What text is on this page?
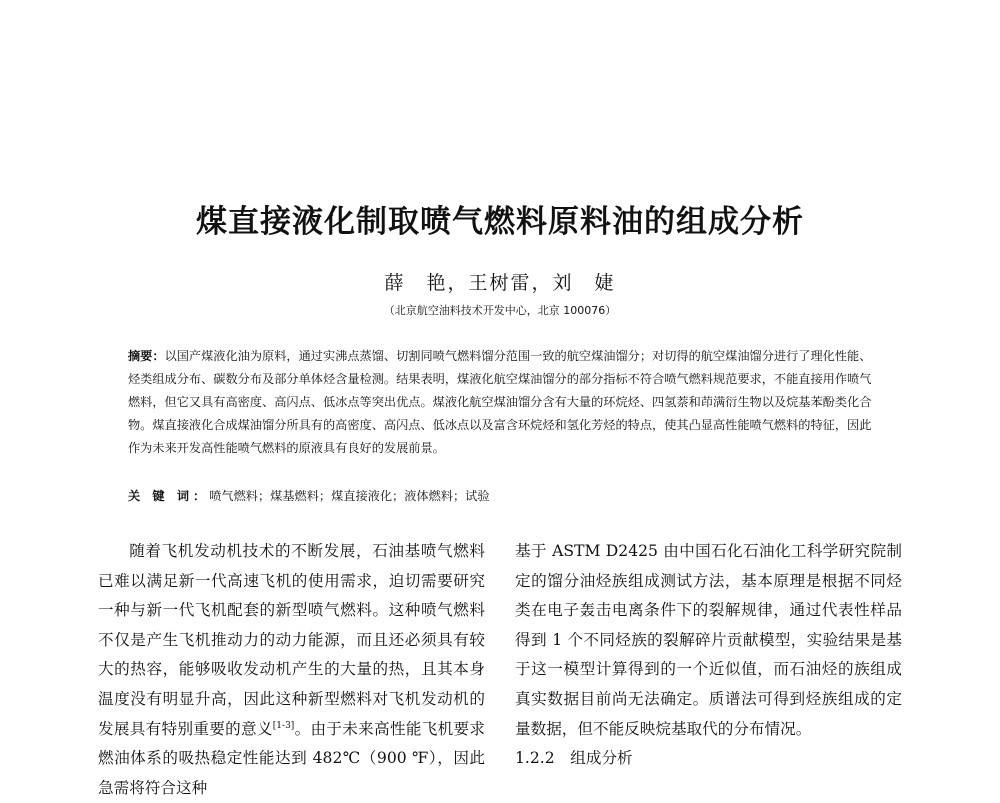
煤直接液化制取喷气燃料原料油的组成分析

薛　艳，王树雷，刘　婕

（北京航空油料技术开发中心，北京 100076）

摘要：以国产煤液化油为原料，通过实沸点蒸馏、切割同喷气燃料馏分范围一致的航空煤油馏分；对切得的航空煤油馏分进行了理化性能、烃类组成分布、碳数分布及部分单体烃含量检测。结果表明，煤液化航空煤油馏分的部分指标不符合喷气燃料规范要求，不能直接用作喷气燃料，但它又具有高密度、高闪点、低冰点等突出优点。煤液化航空煤油馏分含有大量的环烷烃、四氢萘和茚满衍生物以及烷基苯酚类化合物。煤直接液化合成煤油馏分所具有的高密度、高闪点、低冰点以及富含环烷烃和氢化芳烃的特点，使其凸显高性能喷气燃料的特征，因此作为未来开发高性能喷气燃料的原液具有良好的发展前景。

关 键 词：喷气燃料；煤基燃料；煤直接液化；液体燃料；试验

随着飞机发动机技术的不断发展，石油基喷气燃料已难以满足新一代高速飞机的使用需求，迫切需要研究一种与新一代飞机配套的新型喷气燃料。这种喷气燃料不仅是产生飞机推动力的动力能源，而且还必须具有较大的热容，能够吸收发动机产生的大量的热，且其本身温度没有明显升高，因此这种新型燃料对飞机发动机的发展具有特别重要的意义[1-3]。由于未来高性能飞机要求燃油体系的吸热稳定性能达到 482℃（900 ℉），因此急需将符合这种

基于 ASTM D2425 由中国石化石油化工科学研究院制定的馏分油烃族组成测试方法，基本原理是根据不同烃类在电子轰击电离条件下的裂解规律，通过代表性样品得到 1 个不同烃族的裂解碎片贡献模型，实验结果是基于这一模型计算得到的一个近似值，而石油烃的族组成真实数据目前尚无法确定。质谱法可得到烃族组成的定量数据，但不能反映烷基取代的分布情况。
1.2.2　组成分析
